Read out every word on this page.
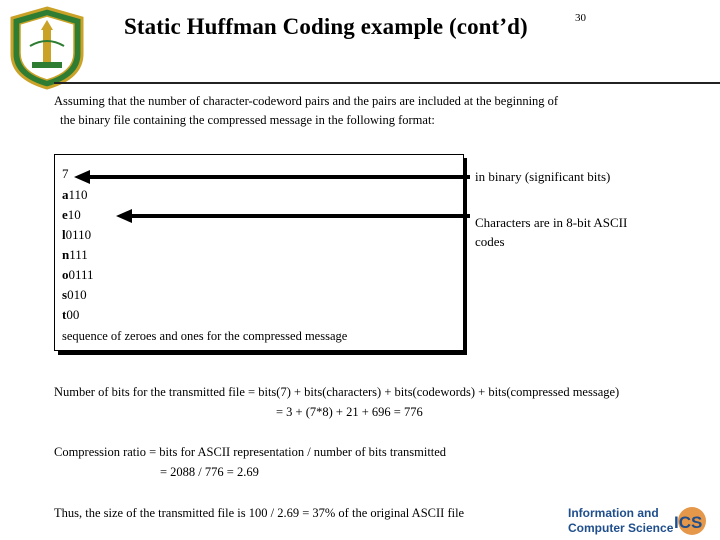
Static Huffman Coding example (cont’d)	30
Assuming that the number of character-codeword pairs and the pairs are included at the beginning of
the binary file containing the compressed message in the following format:
7
a110
e10
l0110
n111
o0111
s010
t00
sequence of zeroes and ones for the compressed message
in binary (significant bits)
Characters are in 8-bit ASCII
codes
Number of bits for the transmitted file = bits(7) + bits(characters) + bits(codewords) + bits(compressed message)
= 3 + (7*8) + 21 + 696 = 776
Compression ratio = bits for ASCII representation / number of bits transmitted
= 2088 / 776 = 2.69
Thus, the size of the transmitted file is 100 / 2.69 = 37% of the original ASCII file	Information and
Computer Science ICS
